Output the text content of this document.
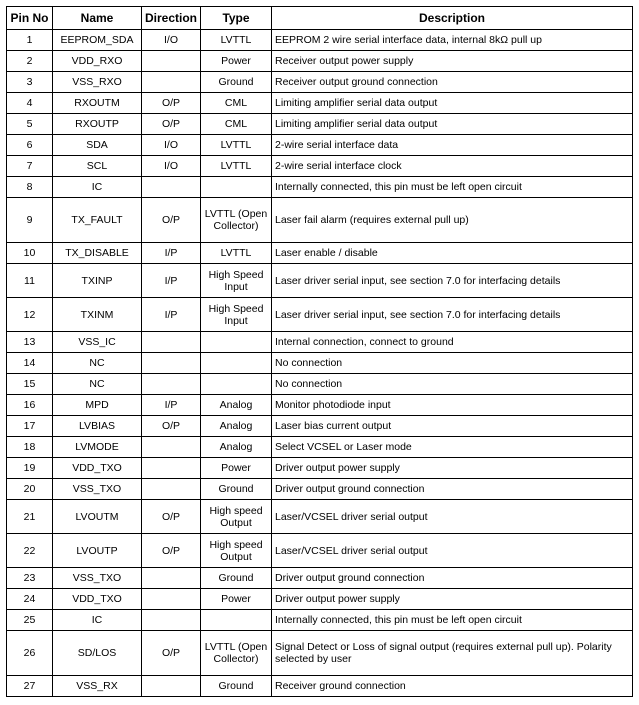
Pin No	Name	Direction	Type	Description
1	EEPROM_SDA	I/O	LVTTL	EEPROM 2 wire serial interface data, internal 8kΩ pull up
2	VDD_RXO		Power	Receiver output power supply
3	VSS_RXO		Ground	Receiver output ground connection
4	RXOUTM	O/P	CML	Limiting amplifier serial data output
5	RXOUTP	O/P	CML	Limiting amplifier serial data output
6	SDA	I/O	LVTTL	2-wire serial interface data
7	SCL	I/O	LVTTL	2-wire serial interface clock
8	IC			Internally connected, this pin must be left open circuit
9	TX_FAULT	O/P	LVTTL (Open Collector)	Laser fail alarm (requires external pull up)
10	TX_DISABLE	I/P	LVTTL	Laser enable / disable
11	TXINP	I/P	High Speed Input	Laser driver serial input, see section 7.0 for interfacing details
12	TXINM	I/P	High Speed Input	Laser driver serial input, see section 7.0 for interfacing details
13	VSS_IC			Internal connection, connect to ground
14	NC			No connection
15	NC			No connection
16	MPD	I/P	Analog	Monitor photodiode input
17	LVBIAS	O/P	Analog	Laser bias current output
18	LVMODE		Analog	Select VCSEL or Laser mode
19	VDD_TXO		Power	Driver output power supply
20	VSS_TXO		Ground	Driver output ground connection
21	LVOUTM	O/P	High speed Output	Laser/VCSEL driver serial output
22	LVOUTP	O/P	High speed Output	Laser/VCSEL driver serial output
23	VSS_TXO		Ground	Driver output ground connection
24	VDD_TXO		Power	Driver output power supply
25	IC			Internally connected, this pin must be left open circuit
26	SD/LOS	O/P	LVTTL (Open Collector)	Signal Detect or Loss of signal output (requires external pull up). Polarity selected by user
27	VSS_RX		Ground	Receiver ground connection
